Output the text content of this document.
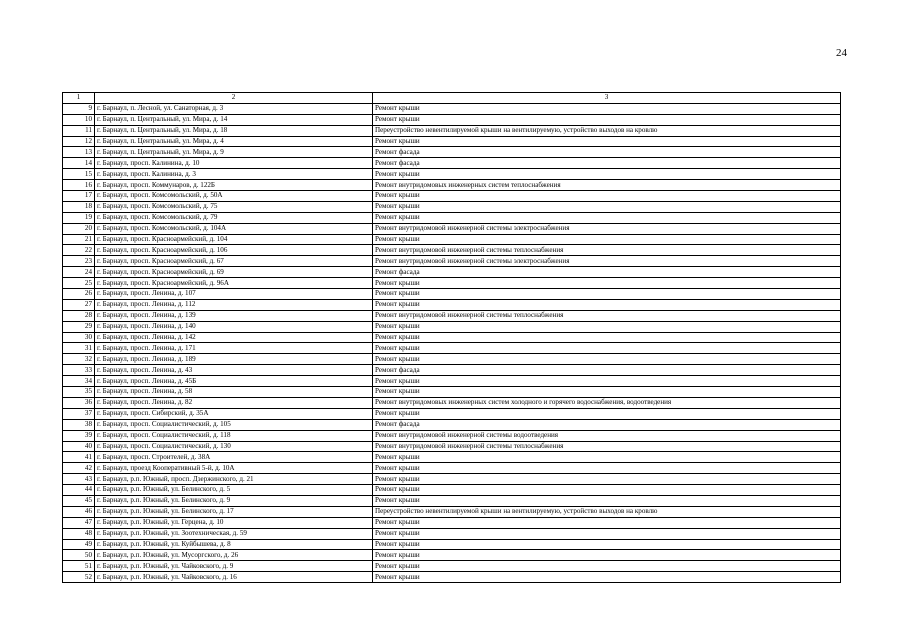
24
1	2	3
9	г. Барнаул, п. Лесной, ул. Санаторная, д. 3	Ремонт крыши
10	г. Барнаул, п. Центральный, ул. Мира, д. 14	Ремонт крыши
11	г. Барнаул, п. Центральный, ул. Мира, д. 18	Переустройство невентилируемой крыши на вентилируемую, устройство выходов на кровлю
12	г. Барнаул, п. Центральный, ул. Мира, д. 4	Ремонт крыши
13	г. Барнаул, п. Центральный, ул. Мира, д. 9	Ремонт фасада
14	г. Барнаул, просп. Калинина, д. 10	Ремонт фасада
15	г. Барнаул, просп. Калинина, д. 3	Ремонт крыши
16	г. Барнаул, просп. Коммунаров, д. 122Б	Ремонт внутридомовых инженерных систем теплоснабжения
17	г. Барнаул, просп. Комсомольский, д. 50А	Ремонт крыши
18	г. Барнаул, просп. Комсомольский, д. 75	Ремонт крыши
19	г. Барнаул, просп. Комсомольский, д. 79	Ремонт крыши
20	г. Барнаул, просп. Комсомольский, д. 104А	Ремонт внутридомовой инженерной системы электроснабжения
21	г. Барнаул, просп. Красноармейский, д. 104	Ремонт крыши
22	г. Барнаул, просп. Красноармейский, д. 106	Ремонт внутридомовой инженерной системы теплоснабжения
23	г. Барнаул, просп. Красноармейский, д. 67	Ремонт внутридомовой инженерной системы электроснабжения
24	г. Барнаул, просп. Красноармейский, д. 69	Ремонт фасада
25	г. Барнаул, просп. Красноармейский, д. 96А	Ремонт крыши
26	г. Барнаул, просп. Ленина, д. 107	Ремонт крыши
27	г. Барнаул, просп. Ленина, д. 112	Ремонт крыши
28	г. Барнаул, просп. Ленина, д. 139	Ремонт внутридомовой инженерной системы теплоснабжения
29	г. Барнаул, просп. Ленина, д. 140	Ремонт крыши
30	г. Барнаул, просп. Ленина, д. 142	Ремонт крыши
31	г. Барнаул, просп. Ленина, д. 171	Ремонт крыши
32	г. Барнаул, просп. Ленина, д. 189	Ремонт крыши
33	г. Барнаул, просп. Ленина, д. 43	Ремонт фасада
34	г. Барнаул, просп. Ленина, д. 45Б	Ремонт крыши
35	г. Барнаул, просп. Ленина, д. 58	Ремонт крыши
36	г. Барнаул, просп. Ленина, д. 82	Ремонт внутридомовых инженерных систем холодного и горячего водоснабжения, водоотведения
37	г. Барнаул, просп. Сибирский, д. 35А	Ремонт крыши
38	г. Барнаул, просп. Социалистический, д. 105	Ремонт фасада
39	г. Барнаул, просп. Социалистический, д. 118	Ремонт внутридомовой инженерной системы водоотведения
40	г. Барнаул, просп. Социалистический, д. 130	Ремонт внутридомовой инженерной системы теплоснабжения
41	г. Барнаул, просп. Строителей, д. 38А	Ремонт крыши
42	г. Барнаул, проезд Кооперативный 5-й, д. 10А	Ремонт крыши
43	г. Барнаул, р.п. Южный, просп. Дзержинского, д. 21	Ремонт крыши
44	г. Барнаул, р.п. Южный, ул. Белинского, д. 5	Ремонт крыши
45	г. Барнаул, р.п. Южный, ул. Белинского, д. 9	Ремонт крыши
46	г. Барнаул, р.п. Южный, ул. Белинского, д. 17	Переустройство невентилируемой крыши на вентилируемую, устройство выходов на кровлю
47	г. Барнаул, р.п. Южный, ул. Герцена, д. 10	Ремонт крыши
48	г. Барнаул, р.п. Южный, ул. Зоотехническая, д. 59	Ремонт крыши
49	г. Барнаул, р.п. Южный, ул. Куйбышева, д. 8	Ремонт крыши
50	г. Барнаул, р.п. Южный, ул. Мусоргского, д. 26	Ремонт крыши
51	г. Барнаул, р.п. Южный, ул. Чайковского, д. 9	Ремонт крыши
52	г. Барнаул, р.п. Южный, ул. Чайковского, д. 16	Ремонт крыши
